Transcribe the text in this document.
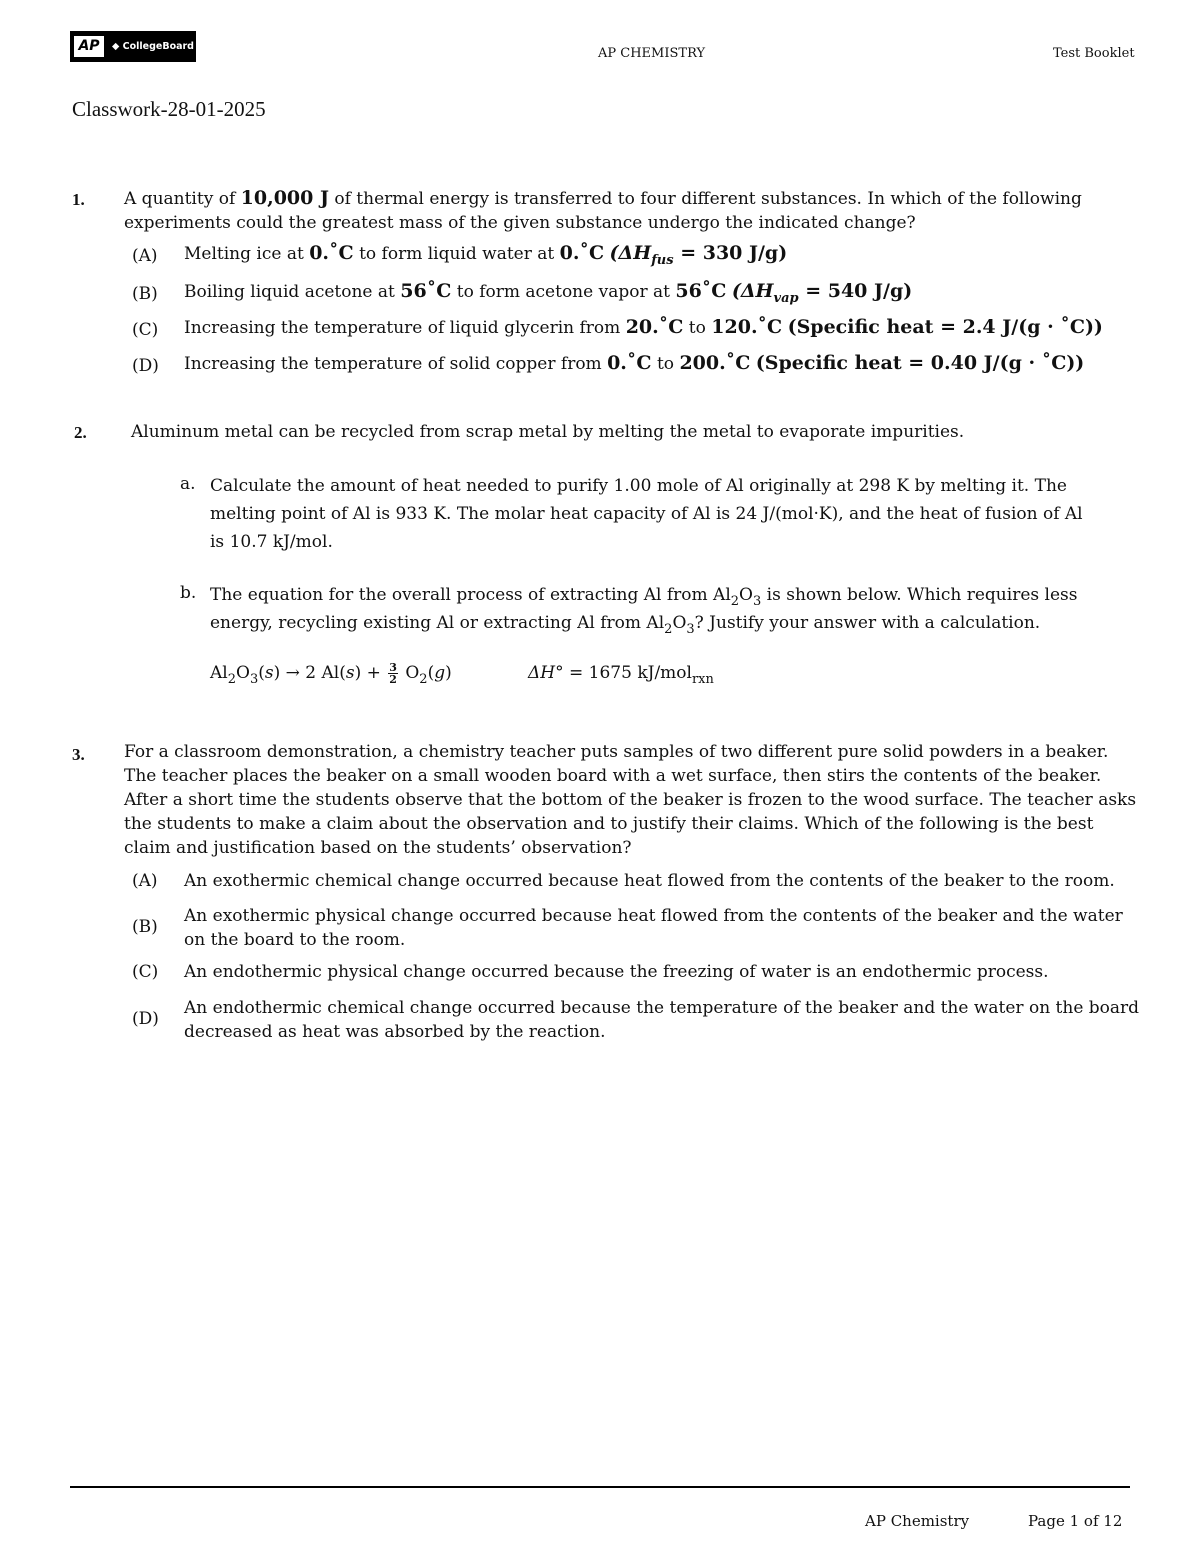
AP	◆ CollegeBoard	AP CHEMISTRY	Test Booklet
Classwork-28-01-2025
1. A quantity of 10,000 J of thermal energy is transferred to four different substances. In which of the following
experiments could the greatest mass of the given substance undergo the indicated change?
(A) Melting ice at 0.˚C to form liquid water at 0.˚C ($\Delta H_{fus} = 330$ J/g)
(B) Boiling liquid acetone at 56˚C to form acetone vapor at 56˚C ($\Delta H_{vap} = 540$ J/g)
(C) Increasing the temperature of liquid glycerin from 20.˚C to 120.˚C (Specific heat = 2.4 J/(g · ˚C))
(D) Increasing the temperature of solid copper from 0.˚C to 200.˚C (Specific heat = 0.40 J/(g · ˚C))
2.	Aluminum metal can be recycled from scrap metal by melting the metal to evaporate impurities.
a. Calculate the amount of heat needed to purify 1.00 mole of Al originally at 298 K by melting it. The
melting point of Al is 933 K. The molar heat capacity of Al is 24 J/(mol·K), and the heat of fusion of Al
is 10.7 kJ/mol.
b. The equation for the overall process of extracting Al from $Al_2O_3$ is shown below. Which requires less
energy, recycling existing Al or extracting Al from $Al_2O_3$? Justify your answer with a calculation.
$Al_2O_3(s) \to 2$ $Al(s) + \frac{3}{2} O_2(g)$	ΔH° = 1675 kJ/mol$_{rxn}$
3. For a classroom demonstration, a chemistry teacher puts samples of two different pure solid powders in a beaker.
The teacher places the beaker on a small wooden board with a wet surface, then stirs the contents of the beaker.
After a short time the students observe that the bottom of the beaker is frozen to the wood surface. The teacher asks
the students to make a claim about the observation and to justify their claims. Which of the following is the best
claim and justification based on the students’ observation?
(A) An exothermic chemical change occurred because heat flowed from the contents of the beaker to the room.
(B)
An exothermic physical change occurred because heat flowed from the contents of the beaker and the water
on the board to the room.
(C) An endothermic physical change occurred because the freezing of water is an endothermic process.
(D)
An endothermic chemical change occurred because the temperature of the beaker and the water on the board
decreased as heat was absorbed by the reaction.
AP Chemistry	Page 1 of 12
